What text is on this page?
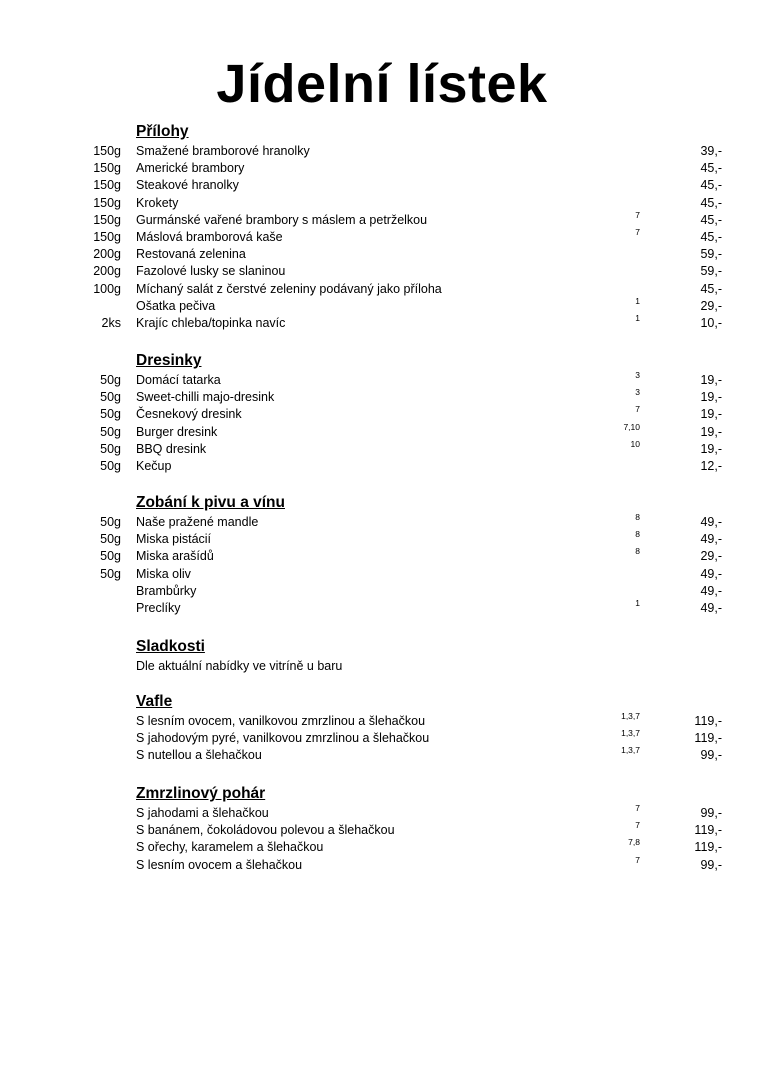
Jídelní lístek
Přílohy
150g Smažené bramborové hranolky	39,-
150g Americké brambory	45,-
150g Steakové hranolky	45,-
150g Krokety	45,-
150g Gurmánské vařené brambory s máslem a petrželkou	7	45,-
150g Máslová bramborová kaše	7	45,-
200g Restovaná zelenina	59,-
200g Fazolové lusky se slaninou	59,-
100g Míchaný salát z čerstvé zeleniny podávaný jako příloha	45,-
Ošatka pečiva	1	29,-
2ks Krajíc chleba/topinka navíc	1	10,-
Dresinky
50g Domácí tatarka	3	19,-
50g Sweet-chilli majo-dresink	3	19,-
50g Česnekový dresink	7	19,-
50g Burger dresink	7,10	19,-
50g BBQ dresink	10	19,-
50g Kečup	12,-
Zobání k pivu a vínu
50g Naše pražené mandle	8	49,-
50g Miska pistácií	8	49,-
50g Miska arašídů	8	29,-
50g Miska oliv	49,-
Brambůrky	49,-
Preclíky	1	49,-
Sladkosti
Dle aktuální nabídky ve vitríně u baru
Vafle
S lesním ovocem, vanilkovou zmrzlinou a šlehačkou	1,3,7	119,-
S jahodovým pyré, vanilkovou zmrzlinou a šlehačkou	1,3,7	119,-
S nutellou a šlehačkou	1,3,7	99,-
Zmrzlinový pohár
S jahodami a šlehačkou	7	99,-
S banánem, čokoládovou polevou a šlehačkou	7	119,-
S ořechy, karamelem a šlehačkou	7,8	119,-
S lesním ovocem a šlehačkou	7	99,-
